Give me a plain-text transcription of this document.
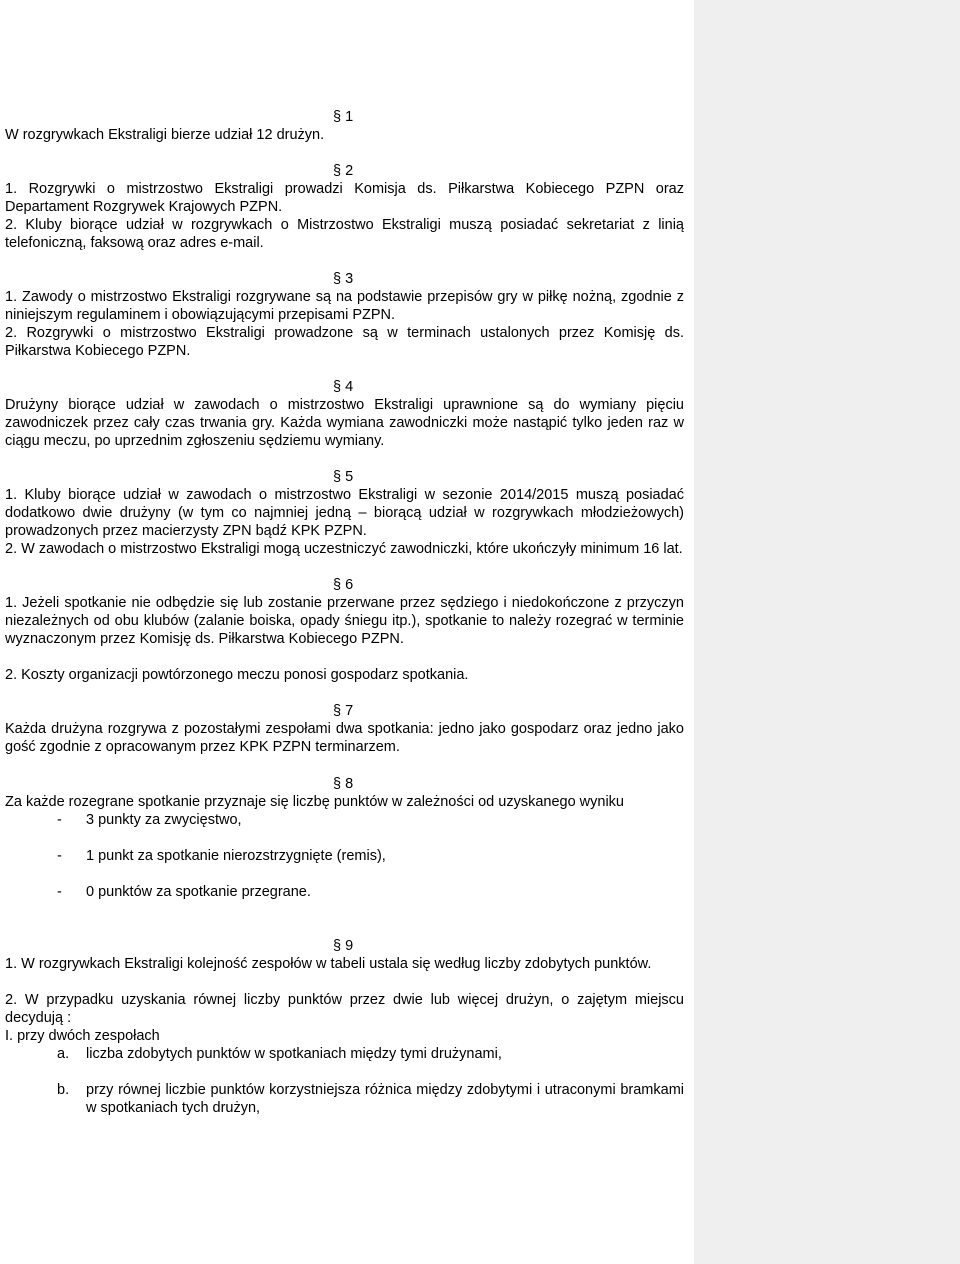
§ 1

W rozgrywkach Ekstraligi bierze udział 12 drużyn.

§ 2

1. Rozgrywki o mistrzostwo Ekstraligi prowadzi Komisja ds. Piłkarstwa Kobiecego PZPN oraz Departament Rozgrywek Krajowych PZPN.

2. Kluby biorące udział w rozgrywkach o Mistrzostwo Ekstraligi muszą posiadać sekretariat z linią telefoniczną, faksową oraz adres e-mail.

§ 3

1. Zawody o mistrzostwo Ekstraligi rozgrywane są na podstawie przepisów gry w piłkę nożną, zgodnie z niniejszym regulaminem i obowiązującymi przepisami PZPN.

2. Rozgrywki o mistrzostwo Ekstraligi prowadzone są w terminach ustalonych przez Komisję ds. Piłkarstwa Kobiecego PZPN.

§ 4

Drużyny biorące udział w zawodach o mistrzostwo Ekstraligi uprawnione są do wymiany pięciu zawodniczek przez cały czas trwania gry. Każda wymiana zawodniczki może nastąpić tylko jeden raz w ciągu meczu, po uprzednim zgłoszeniu sędziemu wymiany.

§ 5

1. Kluby biorące udział w zawodach o mistrzostwo Ekstraligi w sezonie 2014/2015 muszą posiadać dodatkowo dwie drużyny (w tym co najmniej jedną – biorącą udział w rozgrywkach młodzieżowych) prowadzonych przez macierzysty ZPN bądź KPK PZPN.

2. W zawodach o mistrzostwo Ekstraligi mogą uczestniczyć zawodniczki, które ukończyły minimum 16 lat.

§ 6

1. Jeżeli spotkanie nie odbędzie się lub zostanie przerwane przez sędziego i niedokończone z przyczyn niezależnych od obu klubów (zalanie boiska, opady śniegu itp.), spotkanie to należy rozegrać w terminie wyznaczonym przez Komisję ds. Piłkarstwa Kobiecego PZPN.

2. Koszty organizacji powtórzonego meczu ponosi gospodarz spotkania.

§ 7

Każda drużyna rozgrywa z pozostałymi zespołami dwa spotkania: jedno jako gospodarz oraz jedno jako gość zgodnie z opracowanym przez KPK PZPN terminarzem.

§ 8

Za każde rozegrane spotkanie przyznaje się liczbę punktów w zależności od uzyskanego wyniku

- 3 punkty za zwycięstwo,
- 1 punkt za spotkanie nierozstrzygnięte (remis),
- 0 punktów za spotkanie przegrane.
§ 9

1. W rozgrywkach Ekstraligi kolejność zespołów w tabeli ustala się według liczby zdobytych punktów.

2. W przypadku uzyskania równej liczby punktów przez dwie lub więcej drużyn, o zajętym miejscu decydują :

I. przy dwóch zespołach

a. liczba zdobytych punktów w spotkaniach między tymi drużynami,
b. przy równej liczbie punktów korzystniejsza różnica między zdobytymi i utraconymi bramkami w spotkaniach tych drużyn,
